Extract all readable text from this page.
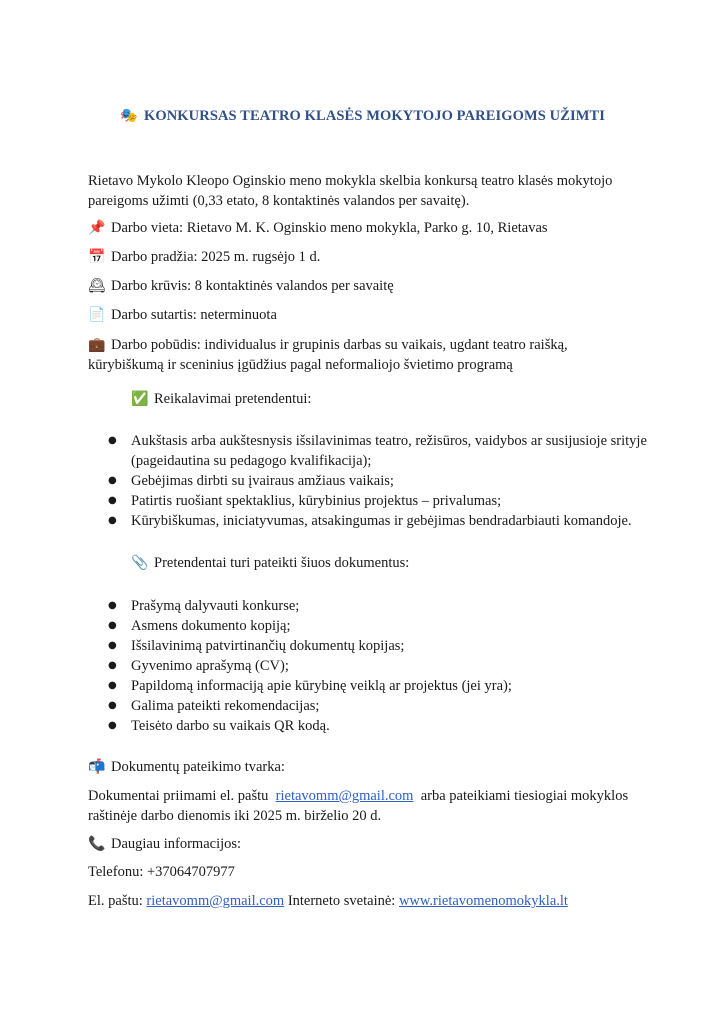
🎭 KONKURSAS TEATRO KLASĖS MOKYTOJO PAREIGOMS UŽIMTI
Rietavo Mykolo Kleopo Oginskio meno mokykla skelbia konkursą teatro klasės mokytojo pareigoms užimti (0,33 etato, 8 kontaktinės valandos per savaitę).
📌 Darbo vieta: Rietavo M. K. Oginskio meno mokykla, Parko g. 10, Rietavas
📅 Darbo pradžia: 2025 m. rugsėjo 1 d.
🕰 Darbo krūvis: 8 kontaktinės valandos per savaitę
📄 Darbo sutartis: neterminuota
💼 Darbo pobūdis: individualus ir grupinis darbas su vaikais, ugdant teatro raišką, kūrybiškumą ir sceninius įgūdžius pagal neformaliojo švietimo programą
✅ Reikalavimai pretendentui:
● Aukštasis arba aukštesnysis išsilavinimas teatro, režisūros, vaidybos ar susijusioje srityje (pageidautina su pedagogo kvalifikacija);
● Gebėjimas dirbti su įvairaus amžiaus vaikais;
● Patirtis ruošiant spektaklius, kūrybinius projektus – privalumas;
● Kūrybiškumas, iniciatyvumas, atsakingumas ir gebėjimas bendradarbiauti komandoje.
📎 Pretendentai turi pateikti šiuos dokumentus:
● Prašymą dalyvauti konkurse;
● Asmens dokumento kopiją;
● Išsilavinimą patvirtinančių dokumentų kopijas;
● Gyvenimo aprašymą (CV);
● Papildomą informaciją apie kūrybinę veiklą ar projektus (jei yra);
● Galima pateikti rekomendacijas;
● Teisėto darbo su vaikais QR kodą.
📬 Dokumentų pateikimo tvarka:
Dokumentai priimami el. paštu rietavomm@gmail.com arba pateikiami tiesiogiai mokyklos raštinėje darbo dienomis iki 2025 m. birželio 20 d.
📞 Daugiau informacijos:
Telefonu: +37064707977
El. paštu: rietavomm@gmail.com Interneto svetainė: www.rietavomenomokykla.lt
